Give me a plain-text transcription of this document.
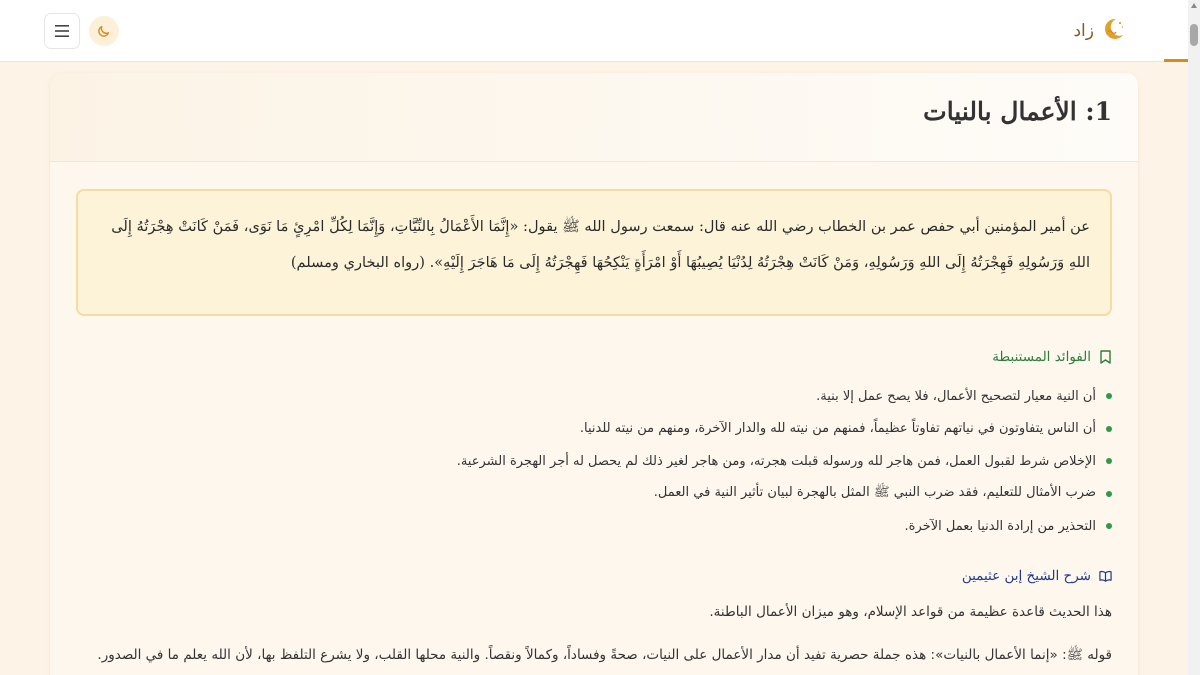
زاد
1: الأعمال بالنيات

عن أمير المؤمنين أبي حفص عمر بن الخطاب رضي الله عنه قال: سمعت رسول الله ﷺ يقول: «إِنَّمَا الأَعْمَالُ بِالنِّيَّاتِ، وَإِنَّمَا لِكُلِّ امْرِئٍ مَا نَوَى، فَمَنْ كَانَتْ هِجْرَتُهُ إِلَى اللهِ وَرَسُولِهِ فَهِجْرَتُهُ إِلَى اللهِ وَرَسُولِهِ، وَمَنْ كَانَتْ هِجْرَتُهُ لِدُنْيَا يُصِيبُهَا أَوْ امْرَأَةٍ يَنْكِحُهَا فَهِجْرَتُهُ إِلَى مَا هَاجَرَ إِلَيْهِ». (رواه البخاري ومسلم)

الفوائد المستنبطة
أن النية معيار لتصحيح الأعمال، فلا يصح عمل إلا بنية.
أن الناس يتفاوتون في نياتهم تفاوتاً عظيماً، فمنهم من نيته لله والدار الآخرة، ومنهم من نيته للدنيا.
الإخلاص شرط لقبول العمل، فمن هاجر لله ورسوله قبلت هجرته، ومن هاجر لغير ذلك لم يحصل له أجر الهجرة الشرعية.
ضرب الأمثال للتعليم، فقد ضرب النبي ﷺ المثل بالهجرة لبيان تأثير النية في العمل.
التحذير من إرادة الدنيا بعمل الآخرة.
شرح الشيخ إبن عثيمين

هذا الحديث قاعدة عظيمة من قواعد الإسلام، وهو ميزان الأعمال الباطنة.

قوله ﷺ: «إنما الأعمال بالنيات»: هذه جملة حصرية تفيد أن مدار الأعمال على النيات، صحةً وفساداً، وكمالاً ونقصاً. والنية محلها القلب، ولا يشرع التلفظ بها، لأن الله يعلم ما في الصدور.
